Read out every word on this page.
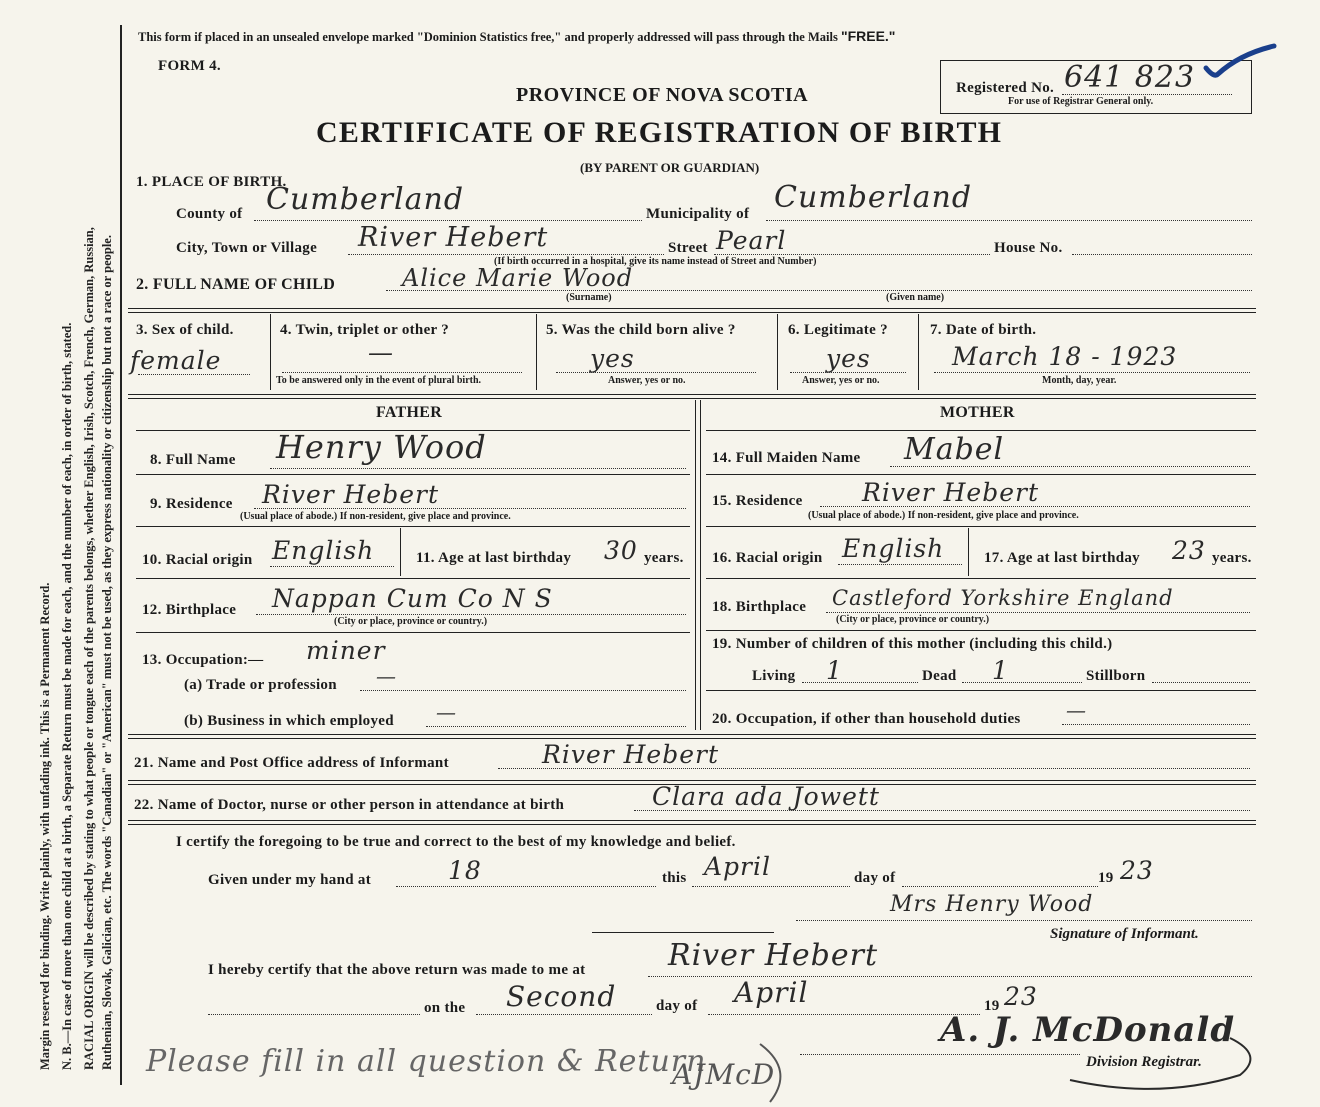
Margin reserved for binding. Write plainly, with unfading ink. This is a Permanent Record. N. B.—In case of more than one child at a birth, a Separate Return must be made for each, and the number of each, in order of birth, stated. RACIAL ORIGIN will be described by stating to what people or tongue each of the parents belongs, whether English, Irish, Scotch, French, German, Russian, Ruthenian, Slovak, Galician, etc. The words "Canadian" or "American" must not be used, as they express nationality or citizenship but not a race or people.
This form if placed in an unsealed envelope marked "Dominion Statistics free," and properly addressed will pass through the Mails "FREE."
FORM 4.
PROVINCE OF NOVA SCOTIA
CERTIFICATE OF REGISTRATION OF BIRTH
(BY PARENT OR GUARDIAN)
Registered No. 641 823
For use of Registrar General only.
1. PLACE OF BIRTH.
County of Cumberland	Municipality of Cumberland
City, Town or Village River Hebert	Street Pearl	House No.
(If birth occurred in a hospital, give its name instead of Street and Number)
2. FULL NAME OF CHILD	Alice Marie Wood
(Surname)	(Given name)
3. Sex of child.
female
4. Twin, triplet or other ?
—
To be answered only in the event of plural birth.
5. Was the child born alive ?
yes
Answer, yes or no.
6. Legitimate ?
yes
Answer, yes or no.
7. Date of birth.
March 18 - 1923
Month, day, year.
FATHER	MOTHER
8. Full Name Henry Wood
9. Residence River Hebert
(Usual place of abode.) If non-resident, give place and province.
10. Racial origin English	11. Age at last birthday 30 years.
12. Birthplace Nappan Cum Co N S
(City or place, province or country.)
13. Occupation:— miner
(a) Trade or profession —
(b) Business in which employed —
14. Full Maiden Name Mabel
15. Residence River Hebert
(Usual place of abode.) If non-resident, give place and province.
16. Racial origin English	17. Age at last birthday 23 years.
18. Birthplace Castleford Yorkshire England
(City or place, province or country.)
19. Number of children of this mother (including this child.)
Living 1	Dead 1	Stillborn
20. Occupation, if other than household duties —
21. Name and Post Office address of Informant	River Hebert
22. Name of Doctor, nurse or other person in attendance at birth	Clara ada Jowett
I certify the foregoing to be true and correct to the best of my knowledge and belief.
Given under my hand at	18	this April	day of	19 23
Mrs Henry Wood
Signature of Informant.
I hereby certify that the above return was made to me at	River Hebert
on the Second	day of April	19 23
A. J. McDonald
Division Registrar.
Please fill in all question & Return
AJMcD
